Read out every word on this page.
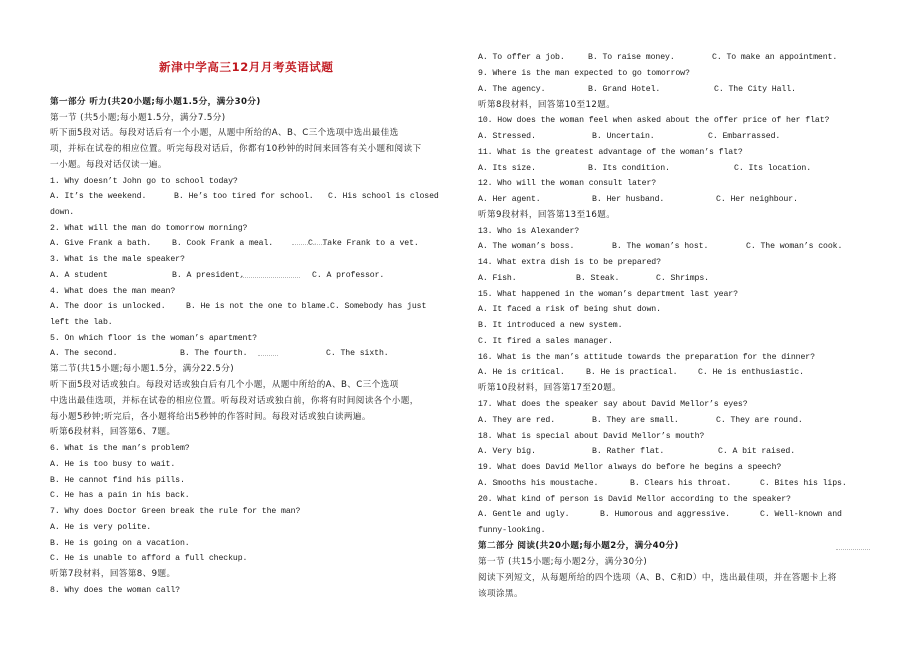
新津中学高三12月月考英语试题
第一部分 听力(共20小题;每小题1.5分，满分30分)
第一节 (共5小题;每小题1.5分，满分7.5分)
听下面5段对话。每段对话后有一个小题，从题中所给的A、B、C三个选项中选出最佳选
项，并标在试卷的相应位置。听完每段对话后，你都有10秒钟的时间来回答有关小题和阅读下
一小题。每段对话仅读一遍。
1. Why doesn’t John go to school today?
A. It’s the weekend.	B. He’s too tired for school. C. His school is closed
down.
2. What will the man do tomorrow morning?
A. Give Frank a bath.	B. Cook Frank a meal.	C. Take Frank to a vet.
3. What is the male speaker?
A. A student	B. A president.	C. A professor.
4. What does the man mean?
A. The door is unlocked. B. He is not the one to blame.C. Somebody has just
left the lab.
5. On which floor is the woman’s apartment?
A. The second.	B. The fourth.	C. The sixth.
第二节(共15小题;每小题1.5分，满分22.5分)
听下面5段对话或独白。每段对话或独白后有几个小题，从题中所给的A、B、C三个选项
中选出最佳选项，并标在试卷的相应位置。听每段对话或独白前，你将有时间阅读各个小题，
每小题5秒钟;听完后，各小题将给出5秒钟的作答时间。每段对话或独白读两遍。
听第6段材料，回答第6、7题。
6. What is the man’s problem?
A. He is too busy to wait.
B. He cannot find his pills.
C. He has a pain in his back.
7. Why does Doctor Green break the rule for the man?
A. He is very polite.
B. He is going on a vacation.
C. He is unable to afford a full checkup.
听第7段材料，回答第8、9题。
8. Why does the woman call?
A. To offer a job.	B. To raise money.	C. To make an appointment.
9. Where is the man expected to go tomorrow?
A. The agency.	B. Grand Hotel.	C. The City Hall.
听第8段材料，回答第10至12题。
10. How does the woman feel when asked about the offer price of her flat?
A. Stressed.	B. Uncertain.	C. Embarrassed.
11. What is the greatest advantage of the woman’s flat?
A. Its size.	B. Its condition.	C. Its location.
12. Who will the woman consult later?
A. Her agent.	B. Her husband.	C. Her neighbour.
听第9段材料，回答第13至16题。
13. Who is Alexander?
A. The woman’s boss.	B. The woman’s host.	C. The woman’s cook.
14. What extra dish is to be prepared?
A. Fish.	B. Steak.	C. Shrimps.
15. What happened in the woman’s department last year?
A. It faced a risk of being shut down.
B. It introduced a new system.
C. It fired a sales manager.
16. What is the man’s attitude towards the preparation for the dinner?
A. He is critical.	B. He is practical.	C. He is enthusiastic.
听第10段材料，回答第17至20题。
17. What does the speaker say about David Mellor’s eyes?
A. They are red.	B. They are small.	C. They are round.
18. What is special about David Mellor’s mouth?
A. Very big.	B. Rather flat.	C. A bit raised.
19. What does David Mellor always do before he begins a speech?
A. Smooths his moustache.	B. Clears his throat.	C. Bites his lips.
20. What kind of person is David Mellor according to the speaker?
A. Gentle and ugly.	B. Humorous and aggressive.	C. Well-known and
funny-looking.
第二部分 阅读(共20小题;每小题2分，满分40分)
第一节 (共15小题;每小题2分，满分30分)
阅读下列短文，从每题所给的四个选项（A、B、C和D）中，选出最佳项，并在答题卡上将
该项涂黑。
